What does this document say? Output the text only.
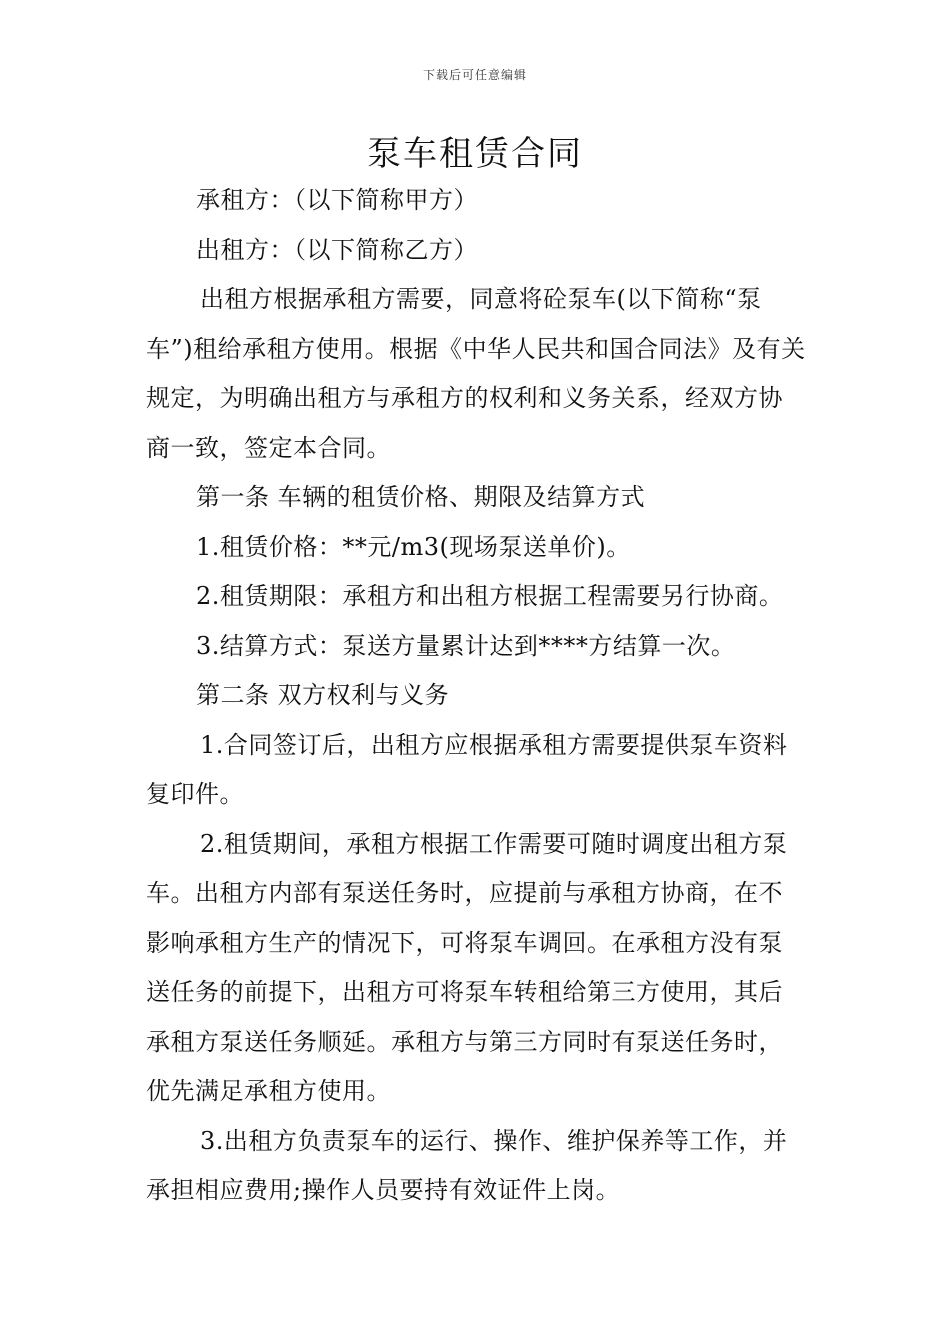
下载后可任意编辑
泵车租赁合同

承租方：（以下简称甲方）

出租方：（以下简称乙方）

出租方根据承租方需要，同意将砼泵车(以下简称“泵车”)租给承租方使用。根据《中华人民共和国合同法》及有关规定，为明确出租方与承租方的权利和义务关系，经双方协商一致，签定本合同。

第一条 车辆的租赁价格、期限及结算方式

1.租赁价格：**元/m3(现场泵送单价)。

2.租赁期限：承租方和出租方根据工程需要另行协商。

3.结算方式：泵送方量累计达到****方结算一次。

第二条 双方权利与义务

1.合同签订后，出租方应根据承租方需要提供泵车资料复印件。

2.租赁期间，承租方根据工作需要可随时调度出租方泵车。出租方内部有泵送任务时，应提前与承租方协商，在不影响承租方生产的情况下，可将泵车调回。在承租方没有泵送任务的前提下，出租方可将泵车转租给第三方使用，其后承租方泵送任务顺延。承租方与第三方同时有泵送任务时，优先满足承租方使用。

3.出租方负责泵车的运行、操作、维护保养等工作，并承担相应费用;操作人员要持有效证件上岗。
